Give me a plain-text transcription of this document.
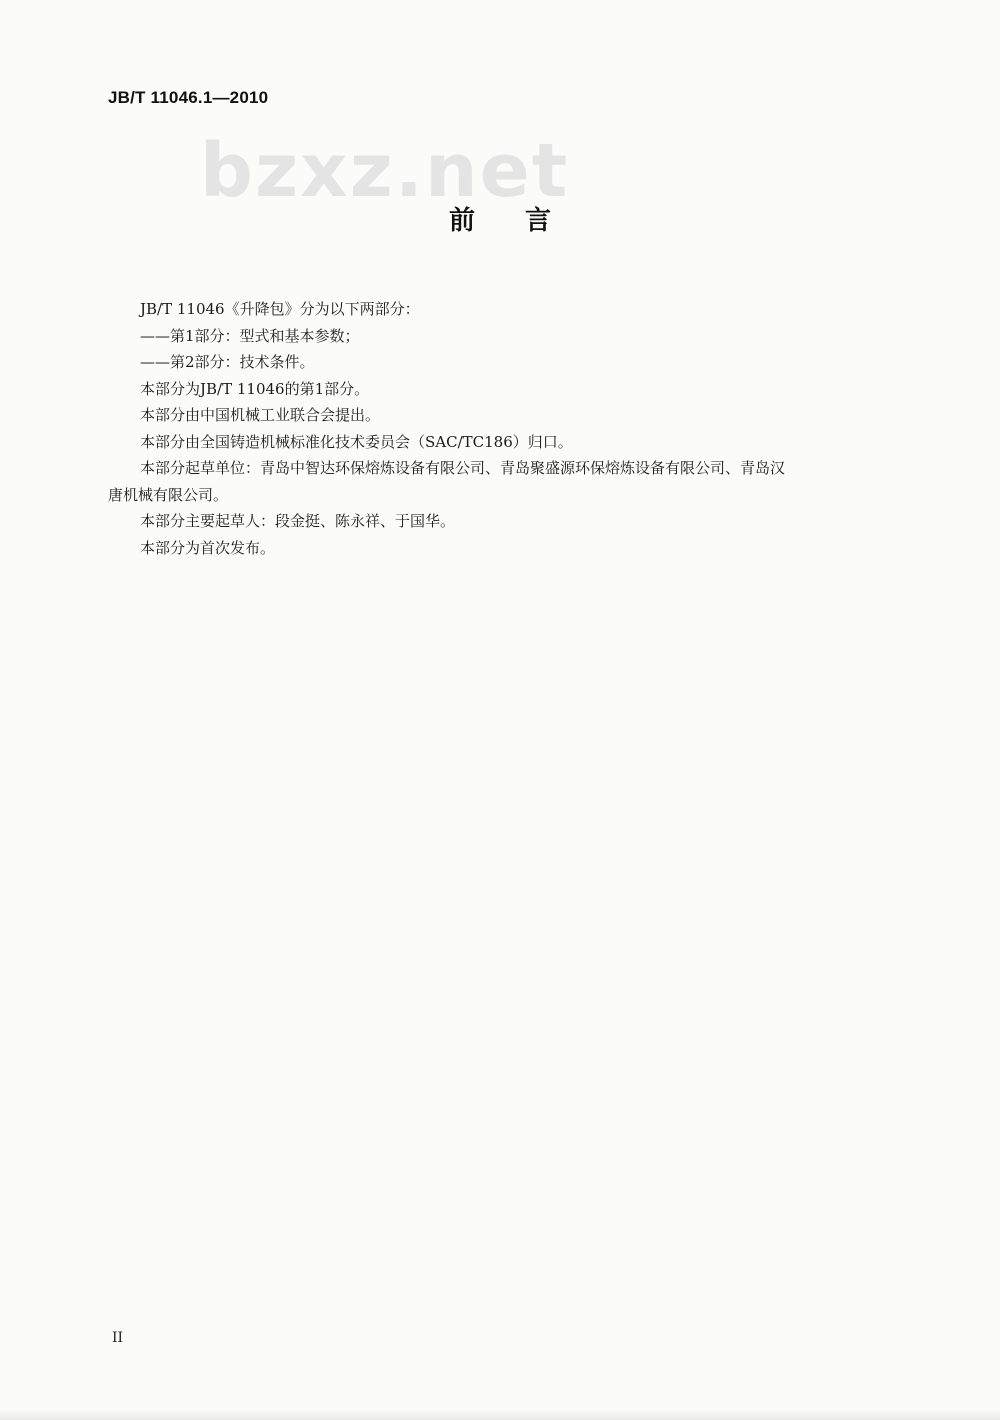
JB/T 11046.1—2010
bzxz.net
前言

JB/T 11046《升降包》分为以下两部分：

——第1部分：型式和基本参数；

——第2部分：技术条件。

本部分为JB/T 11046的第1部分。

本部分由中国机械工业联合会提出。

本部分由全国铸造机械标准化技术委员会（SAC/TC186）归口。

本部分起草单位：青岛中智达环保熔炼设备有限公司、青岛聚盛源环保熔炼设备有限公司、青岛汉

唐机械有限公司。

本部分主要起草人：段金挺、陈永祥、于国华。

本部分为首次发布。

II
